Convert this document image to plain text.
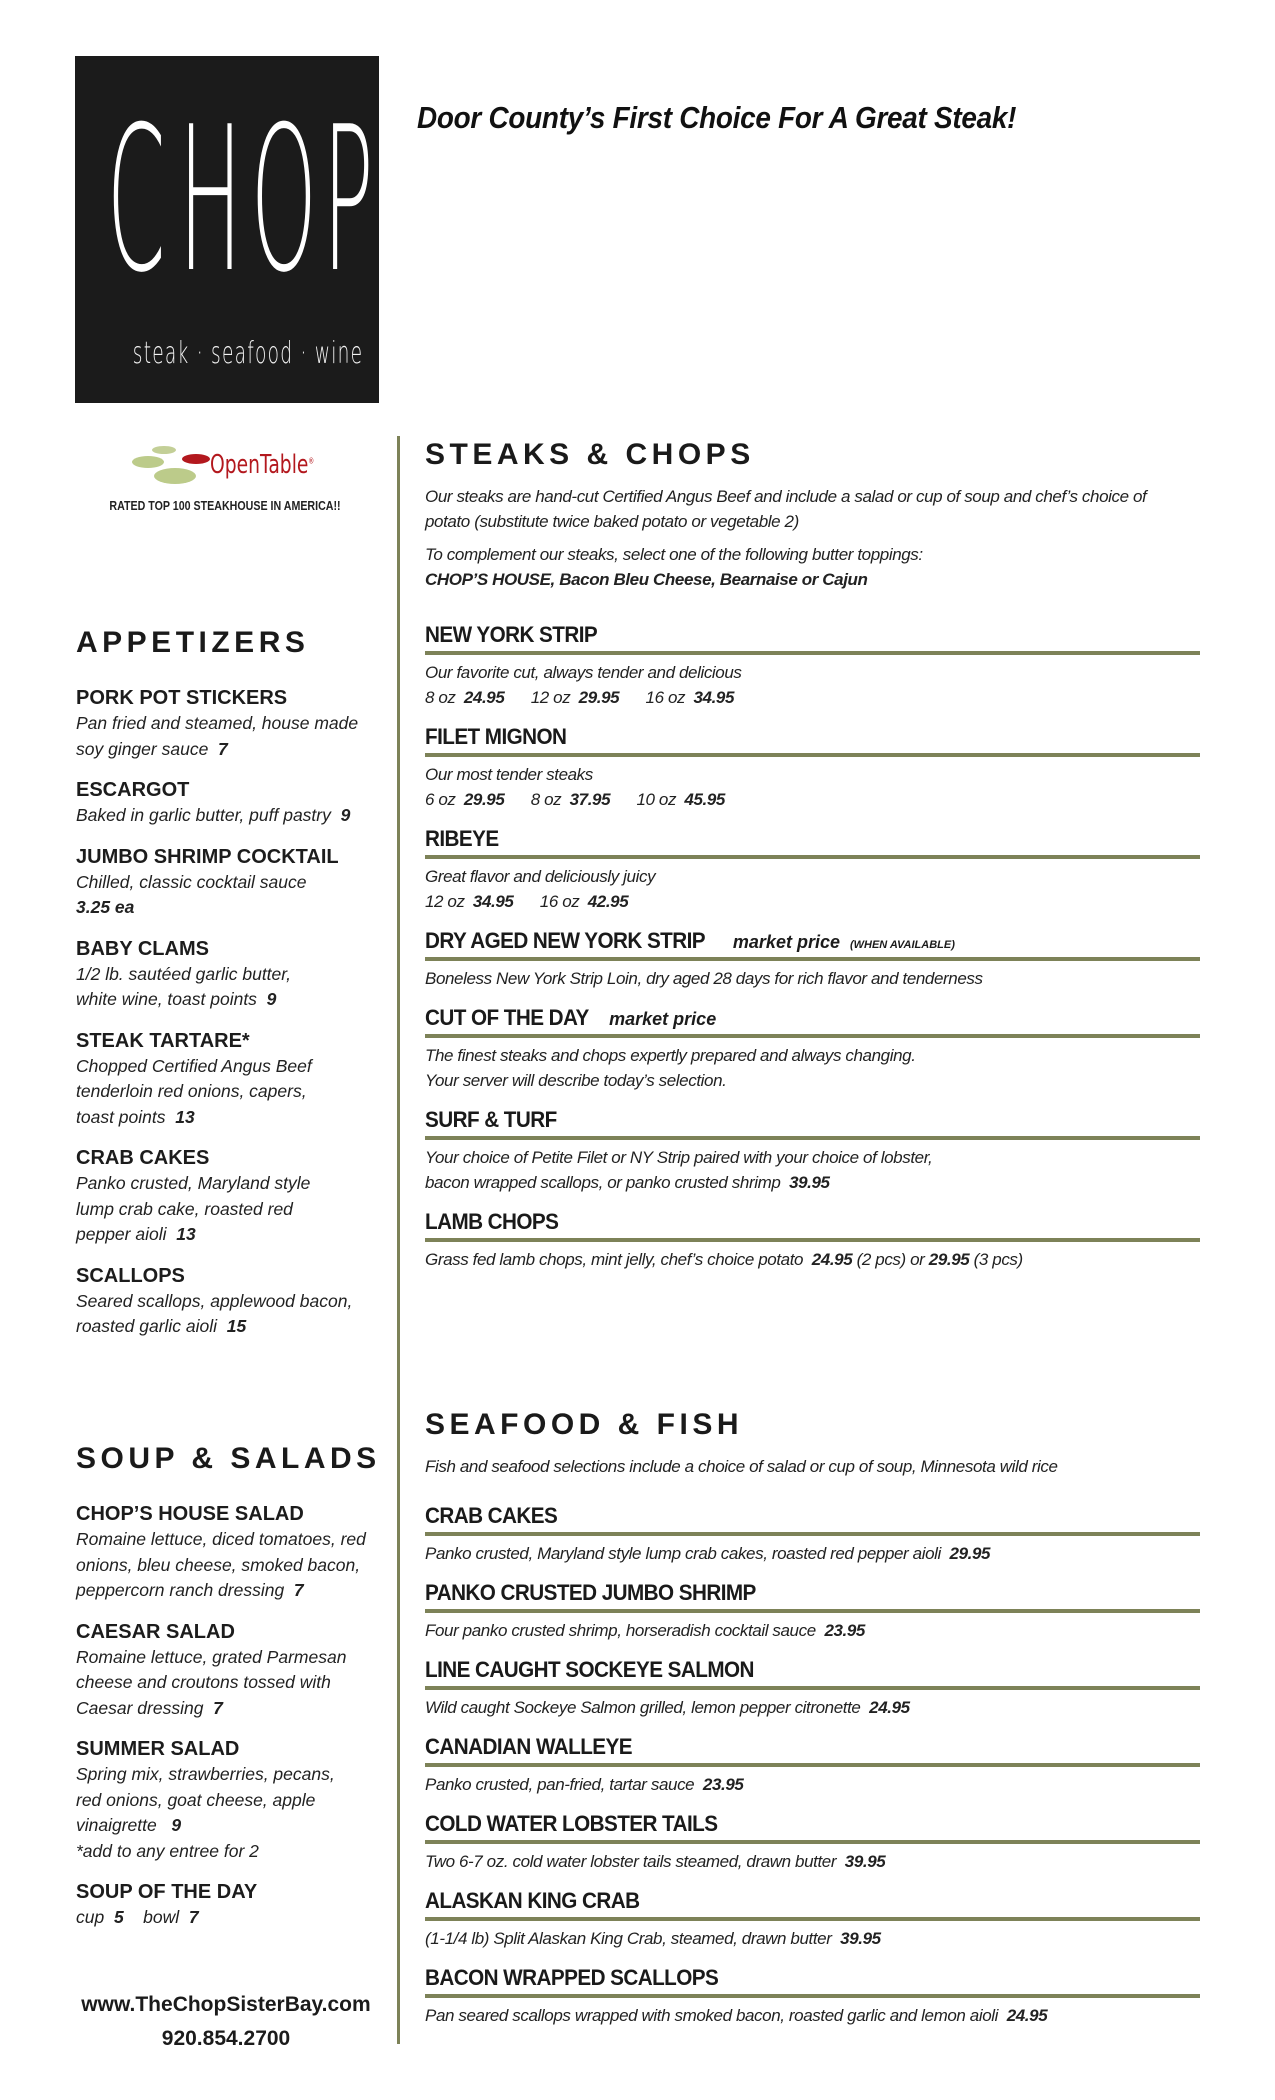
C H O P
steak · seafood · wine
Door County’s First Choice For A Great Steak!
OpenTable®
RATED TOP 100 STEAKHOUSE IN AMERICA!!
APPETIZERS
PORK POT STICKERS
Pan fried and steamed, house made soy ginger sauce 7
ESCARGOT
Baked in garlic butter, puff pastry 9
JUMBO SHRIMP COCKTAIL
Chilled, classic cocktail sauce
3.25 ea
BABY CLAMS
1/2 lb. sautéed garlic butter, white wine, toast points 9
STEAK TARTARE*
Chopped Certified Angus Beef tenderloin red onions, capers, toast points 13
CRAB CAKES
Panko crusted, Maryland style lump crab cake, roasted red pepper aioli 13
SCALLOPS
Seared scallops, applewood bacon, roasted garlic aioli 15
SOUP & SALADS
CHOP’S HOUSE SALAD
Romaine lettuce, diced tomatoes, red onions, bleu cheese, smoked bacon, peppercorn ranch dressing 7
CAESAR SALAD
Romaine lettuce, grated Parmesan cheese and croutons tossed with Caesar dressing 7
SUMMER SALAD
Spring mix, strawberries, pecans, red onions, goat cheese, apple vinaigrette 9
*add to any entree for 2
SOUP OF THE DAY
cup 5 bowl 7
www.TheChopSisterBay.com
920.854.2700
STEAKS & CHOPS
Our steaks are hand-cut Certified Angus Beef and include a salad or cup of soup and chef’s choice of potato (substitute twice baked potato or vegetable 2)
To complement our steaks, select one of the following butter toppings:
CHOP’S HOUSE, Bacon Bleu Cheese, Bearnaise or Cajun
NEW YORK STRIP
Our favorite cut, always tender and delicious
8 oz 24.95 12 oz 29.95 16 oz 34.95
FILET MIGNON
Our most tender steaks
6 oz 29.95 8 oz 37.95 10 oz 45.95
RIBEYE
Great flavor and deliciously juicy
12 oz 34.95 16 oz 42.95
DRY AGED NEW YORK STRIP market price (WHEN AVAILABLE)
Boneless New York Strip Loin, dry aged 28 days for rich flavor and tenderness
CUT OF THE DAY market price
The finest steaks and chops expertly prepared and always changing.
Your server will describe today’s selection.
SURF & TURF
Your choice of Petite Filet or NY Strip paired with your choice of lobster,
bacon wrapped scallops, or panko crusted shrimp 39.95
LAMB CHOPS
Grass fed lamb chops, mint jelly, chef’s choice potato 24.95 (2 pcs) or 29.95 (3 pcs)
SEAFOOD & FISH
Fish and seafood selections include a choice of salad or cup of soup, Minnesota wild rice
CRAB CAKES
Panko crusted, Maryland style lump crab cakes, roasted red pepper aioli 29.95
PANKO CRUSTED JUMBO SHRIMP
Four panko crusted shrimp, horseradish cocktail sauce 23.95
LINE CAUGHT SOCKEYE SALMON
Wild caught Sockeye Salmon grilled, lemon pepper citronette 24.95
CANADIAN WALLEYE
Panko crusted, pan-fried, tartar sauce 23.95
COLD WATER LOBSTER TAILS
Two 6-7 oz. cold water lobster tails steamed, drawn butter 39.95
ALASKAN KING CRAB
(1-1/4 lb) Split Alaskan King Crab, steamed, drawn butter 39.95
BACON WRAPPED SCALLOPS
Pan seared scallops wrapped with smoked bacon, roasted garlic and lemon aioli 24.95
